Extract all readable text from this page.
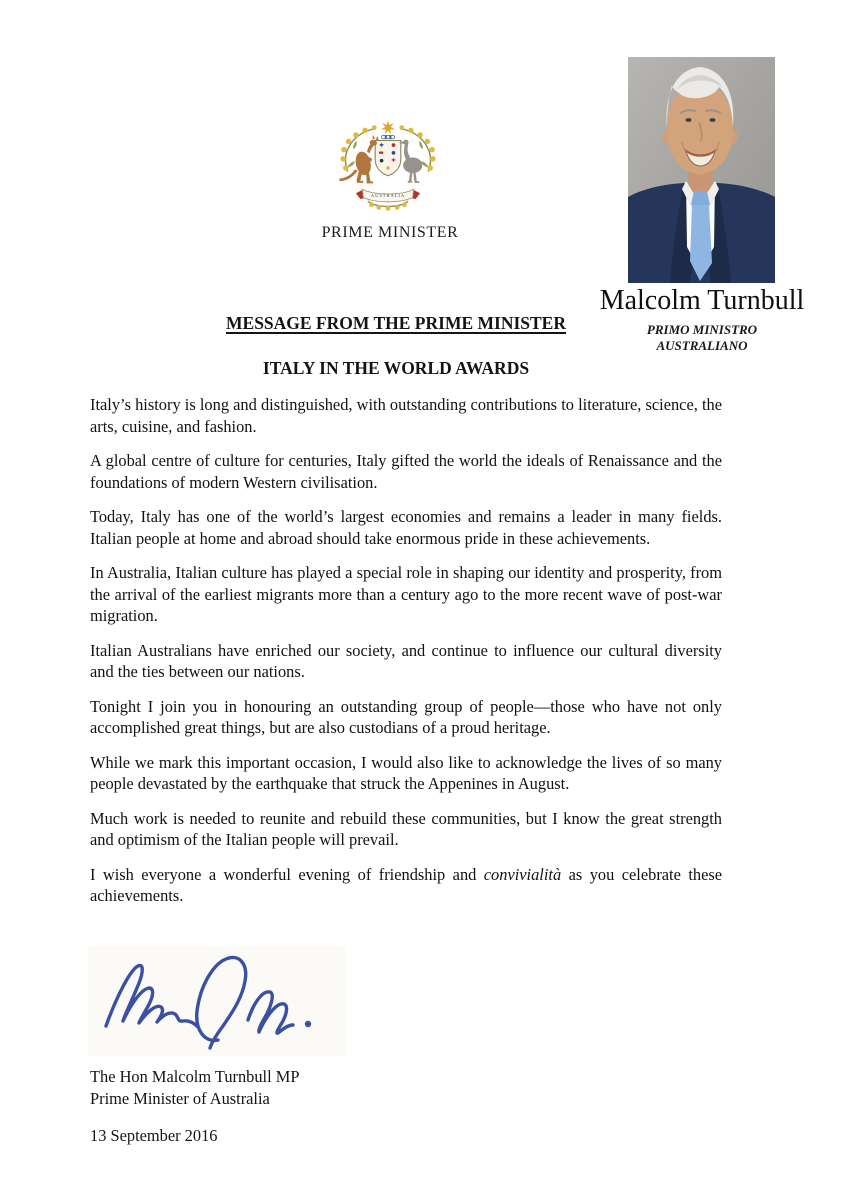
AUSTRALIA
PRIME MINISTER
Malcolm Turnbull
PRIMO MINISTRO
AUSTRALIANO
MESSAGE FROM THE PRIME MINISTER
ITALY IN THE WORLD AWARDS

Italy’s history is long and distinguished, with outstanding contributions to literature, science, the arts, cuisine, and fashion.

A global centre of culture for centuries, Italy gifted the world the ideals of Renaissance and the foundations of modern Western civilisation.

Today, Italy has one of the world’s largest economies and remains a leader in many fields. Italian people at home and abroad should take enormous pride in these achievements.

In Australia, Italian culture has played a special role in shaping our identity and prosperity, from the arrival of the earliest migrants more than a century ago to the more recent wave of post-war migration.

Italian Australians have enriched our society, and continue to influence our cultural diversity and the ties between our nations.

Tonight I join you in honouring an outstanding group of people—those who have not only accomplished great things, but are also custodians of a proud heritage.

While we mark this important occasion, I would also like to acknowledge the lives of so many people devastated by the earthquake that struck the Appenines in August.

Much work is needed to reunite and rebuild these communities, but I know the great strength and optimism of the Italian people will prevail.

I wish everyone a wonderful evening of friendship and convivialità as you celebrate these achievements.

The Hon Malcolm Turnbull MP
Prime Minister of Australia
13 September 2016
